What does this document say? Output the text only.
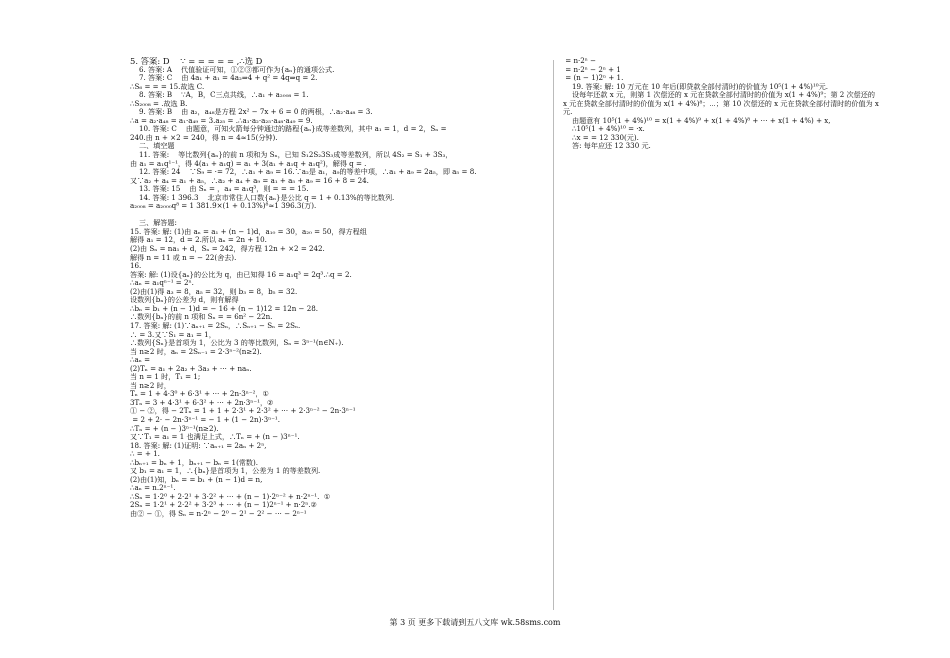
5. 答案: D    ∵ = = = = = ,∴选 D
6. 答案: A    代值验证可知，①②③都可作为{aₙ}的通项公式.
7. 答案: C    由 4a₁ + a₁ = 4a₂⇒4 + q² = 4q⇒q = 2.
∴S₆ = = = 15.故选 C.
8. 答案: B    ∵A，B，C三点共线，∴a₁ + a₂₀₀₈ = 1.
∴S₂₀₀₈ = .故选 B.
9. 答案: B    由 a₂，a₄₈是方程 2x² − 7x + 6 = 0 的两根，∴a₂·a₄₈ = 3.
∴a = a₂·a₄₈ = a₁·a₄₉ = 3.a₂₅ = .∴a₁·a₂·a₂₅·a₄₈·a₄₉ = 9.
10. 答案: C    由题意，可知火箭每分钟通过的路程{aₙ}成等差数列，其中 a₁ = 1，d = 2，Sₙ =
240.由 n + ×2 = 240，得 n = 4≈15(分钟).
二、填空题
11. 答案:    等比数列{aₙ}的前 n 项和为 Sₙ，已知 S₁2S₂3S₃成等差数列，所以 4S₂ = S₁ + 3S₃，
由 a₁ = a₁q¹⁻¹，得 4(a₁ + a₁q) = a₁ + 3(a₁ + a₁q + a₁q²)，解得 q = .
12. 答案: 24    ∵S₉ = ·= 72，∴a₁ + a₉ = 16.∵a₂是 a₁，a₉的等差中项，∴a₁ + a₉ = 2a₅，即 a₅ = 8.
又∵a₂ + a₄ = a₁ + a₅，∴a₂ + a₄ + a₉ = a₁ + a₅ + a₉ = 16 + 8 = 24.
13. 答案: 15    由 Sₙ = ，a₄ = a₁q³，则 = = = 15.
14. 答案: 1 396.3    北京市常住人口数{aₙ}是公比 q = 1 + 0.13%的等比数列.
a₂₀₀₈ = a₂₀₀₀q⁸ = 1 381.9×(1 + 0.13%)⁸≈1 396.3(万).
三、解答题:
15. 答案: 解: (1)由 aₙ = a₁ + (n − 1)d，a₁₀ = 30，a₂₀ = 50，得方程组
解得 a₁ = 12，d = 2.所以 aₙ = 2n + 10.
(2)由 Sₙ = na₁ + d，Sₙ = 242，得方程 12n + ×2 = 242.
解得 n = 11 或 n = − 22(舍去).
16.
答案: 解: (1)设{aₙ}的公比为 q，由已知得 16 = a₁q³ = 2q³.∴q = 2.
∴aₙ = a₁qⁿ⁻¹ = 2ⁿ.
(2)由(1)得 a₃ = 8，a₅ = 32，则 b₃ = 8，b₅ = 32.
设数列{bₙ}的公差为 d，则有解得
∴bₙ = b₁ + (n − 1)d = − 16 + (n − 1)12 = 12n − 28.
∴数列{bₙ}的前 n 项和 Sₙ = = 6n² − 22n.
17. 答案: 解: (1)∵aₙ₊₁ = 2Sₙ，∴Sₙ₊₁ − Sₙ = 2Sₙ.
∴ = 3.又∵S₁ = a₁ = 1，
∴数列{Sₙ}是首项为 1，公比为 3 的等比数列，Sₙ = 3ⁿ⁻¹(n∈N₊).
当 n≥2 时，aₙ = 2Sₙ₋₁ = 2·3ⁿ⁻²(n≥2).
∴aₙ =
(2)Tₙ = a₁ + 2a₂ + 3a₃ + ⋯ + naₙ.
当 n = 1 时，T₁ = 1;
当 n≥2 时，
Tₙ = 1 + 4·3⁰ + 6·3¹ + ⋯ + 2n·3ⁿ⁻²，①
3Tₙ = 3 + 4·3¹ + 6·3² + ⋯ + 2n·3ⁿ⁻¹，②
① − ②，得 − 2Tₙ = 1 + 1 + 2·3¹ + 2·3² + ⋯ + 2·3ⁿ⁻² − 2n·3ⁿ⁻¹
= 2 + 2· − 2n·3ⁿ⁻¹ = − 1 + (1 − 2n)·3ⁿ⁻¹.
∴Tₙ = + (n − )3ⁿ⁻¹(n≥2).
又∵T₁ = a₁ = 1 也满足上式，∴Tₙ = + (n − )3ⁿ⁻¹.
18. 答案: 解: (1)证明: ∵aₙ₊₁ = 2aₙ + 2ⁿ,
∴ = + 1.
∴bₙ₊₁ = bₙ + 1，bₙ₊₁ − bₙ = 1(常数).
又 b₁ = a₁ = 1，∴{bₙ}是首项为 1，公差为 1 的等差数列.
(2)由(1)知，bₙ = = b₁ + (n − 1)d = n,
∴aₙ = n.2ⁿ⁻¹.
∴Sₙ = 1·2⁰ + 2·2¹ + 3·2² + ⋯ + (n − 1)·2ⁿ⁻² + n·2ⁿ⁻¹.  ①
2Sₙ = 1·2¹ + 2·2² + 3·2³ + ⋯ + (n − 1)2ⁿ⁻¹ + n·2ⁿ.②
由② − ①，得 Sₙ = n·2ⁿ − 2⁰ − 2¹ − 2² − ⋯ − 2ⁿ⁻¹
= n·2ⁿ −
= n·2ⁿ − 2ⁿ + 1
= (n − 1)2ⁿ + 1.
19. 答案: 解: 10 万元在 10 年后(即贷款全部付清时)的价值为 10⁵(1 + 4%)¹⁰元.
设每年还款 x 元，则第 1 次偿还的 x 元在贷款全部付清时的价值为 x(1 + 4%)⁹；第 2 次偿还的
x 元在贷款全部付清时的价值为 x(1 + 4%)⁸；⋯；第 10 次偿还的 x 元在贷款全部付清时的价值为 x
元.
由题意有 10⁵(1 + 4%)¹⁰ = x(1 + 4%)⁹ + x(1 + 4%)⁸ + ⋯ + x(1 + 4%) + x,
∴10⁵(1 + 4%)¹⁰ = ·x.
∴x = = 12 330(元).
答: 每年应还 12 330 元.
第 3 页 更多下载请到五八文库 wk.58sms.com
